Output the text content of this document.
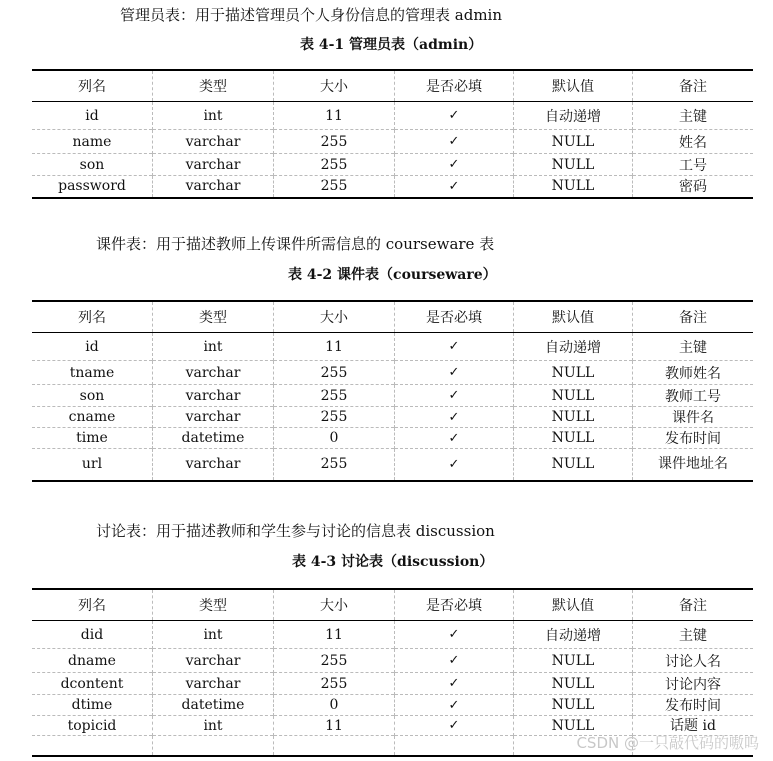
管理员表：用于描述管理员个人身份信息的管理表 admin
表 4-1 管理员表（admin）
列名	类型	大小	是否必填	默认值	备注
id	int	11	✓	自动递增	主键
name	varchar	255	✓	NULL	姓名
son	varchar	255	✓	NULL	工号
password	varchar	255	✓	NULL	密码
课件表：用于描述教师上传课件所需信息的 courseware 表
表 4-2 课件表（courseware）
列名	类型	大小	是否必填	默认值	备注
id	int	11	✓	自动递增	主键
tname	varchar	255	✓	NULL	教师姓名
son	varchar	255	✓	NULL	教师工号
cname	varchar	255	✓	NULL	课件名
time	datetime	0	✓	NULL	发布时间
url	varchar	255	✓	NULL	课件地址名
讨论表：用于描述教师和学生参与讨论的信息表 discussion
表 4-3 讨论表（discussion）
列名	类型	大小	是否必填	默认值	备注
did	int	11	✓	自动递增	主键
dname	varchar	255	✓	NULL	讨论人名
dcontent	varchar	255	✓	NULL	讨论内容
dtime	datetime	0	✓	NULL	发布时间
topicid	int	11	✓	NULL	话题 id

CSDN @一只敲代码的嗷呜
